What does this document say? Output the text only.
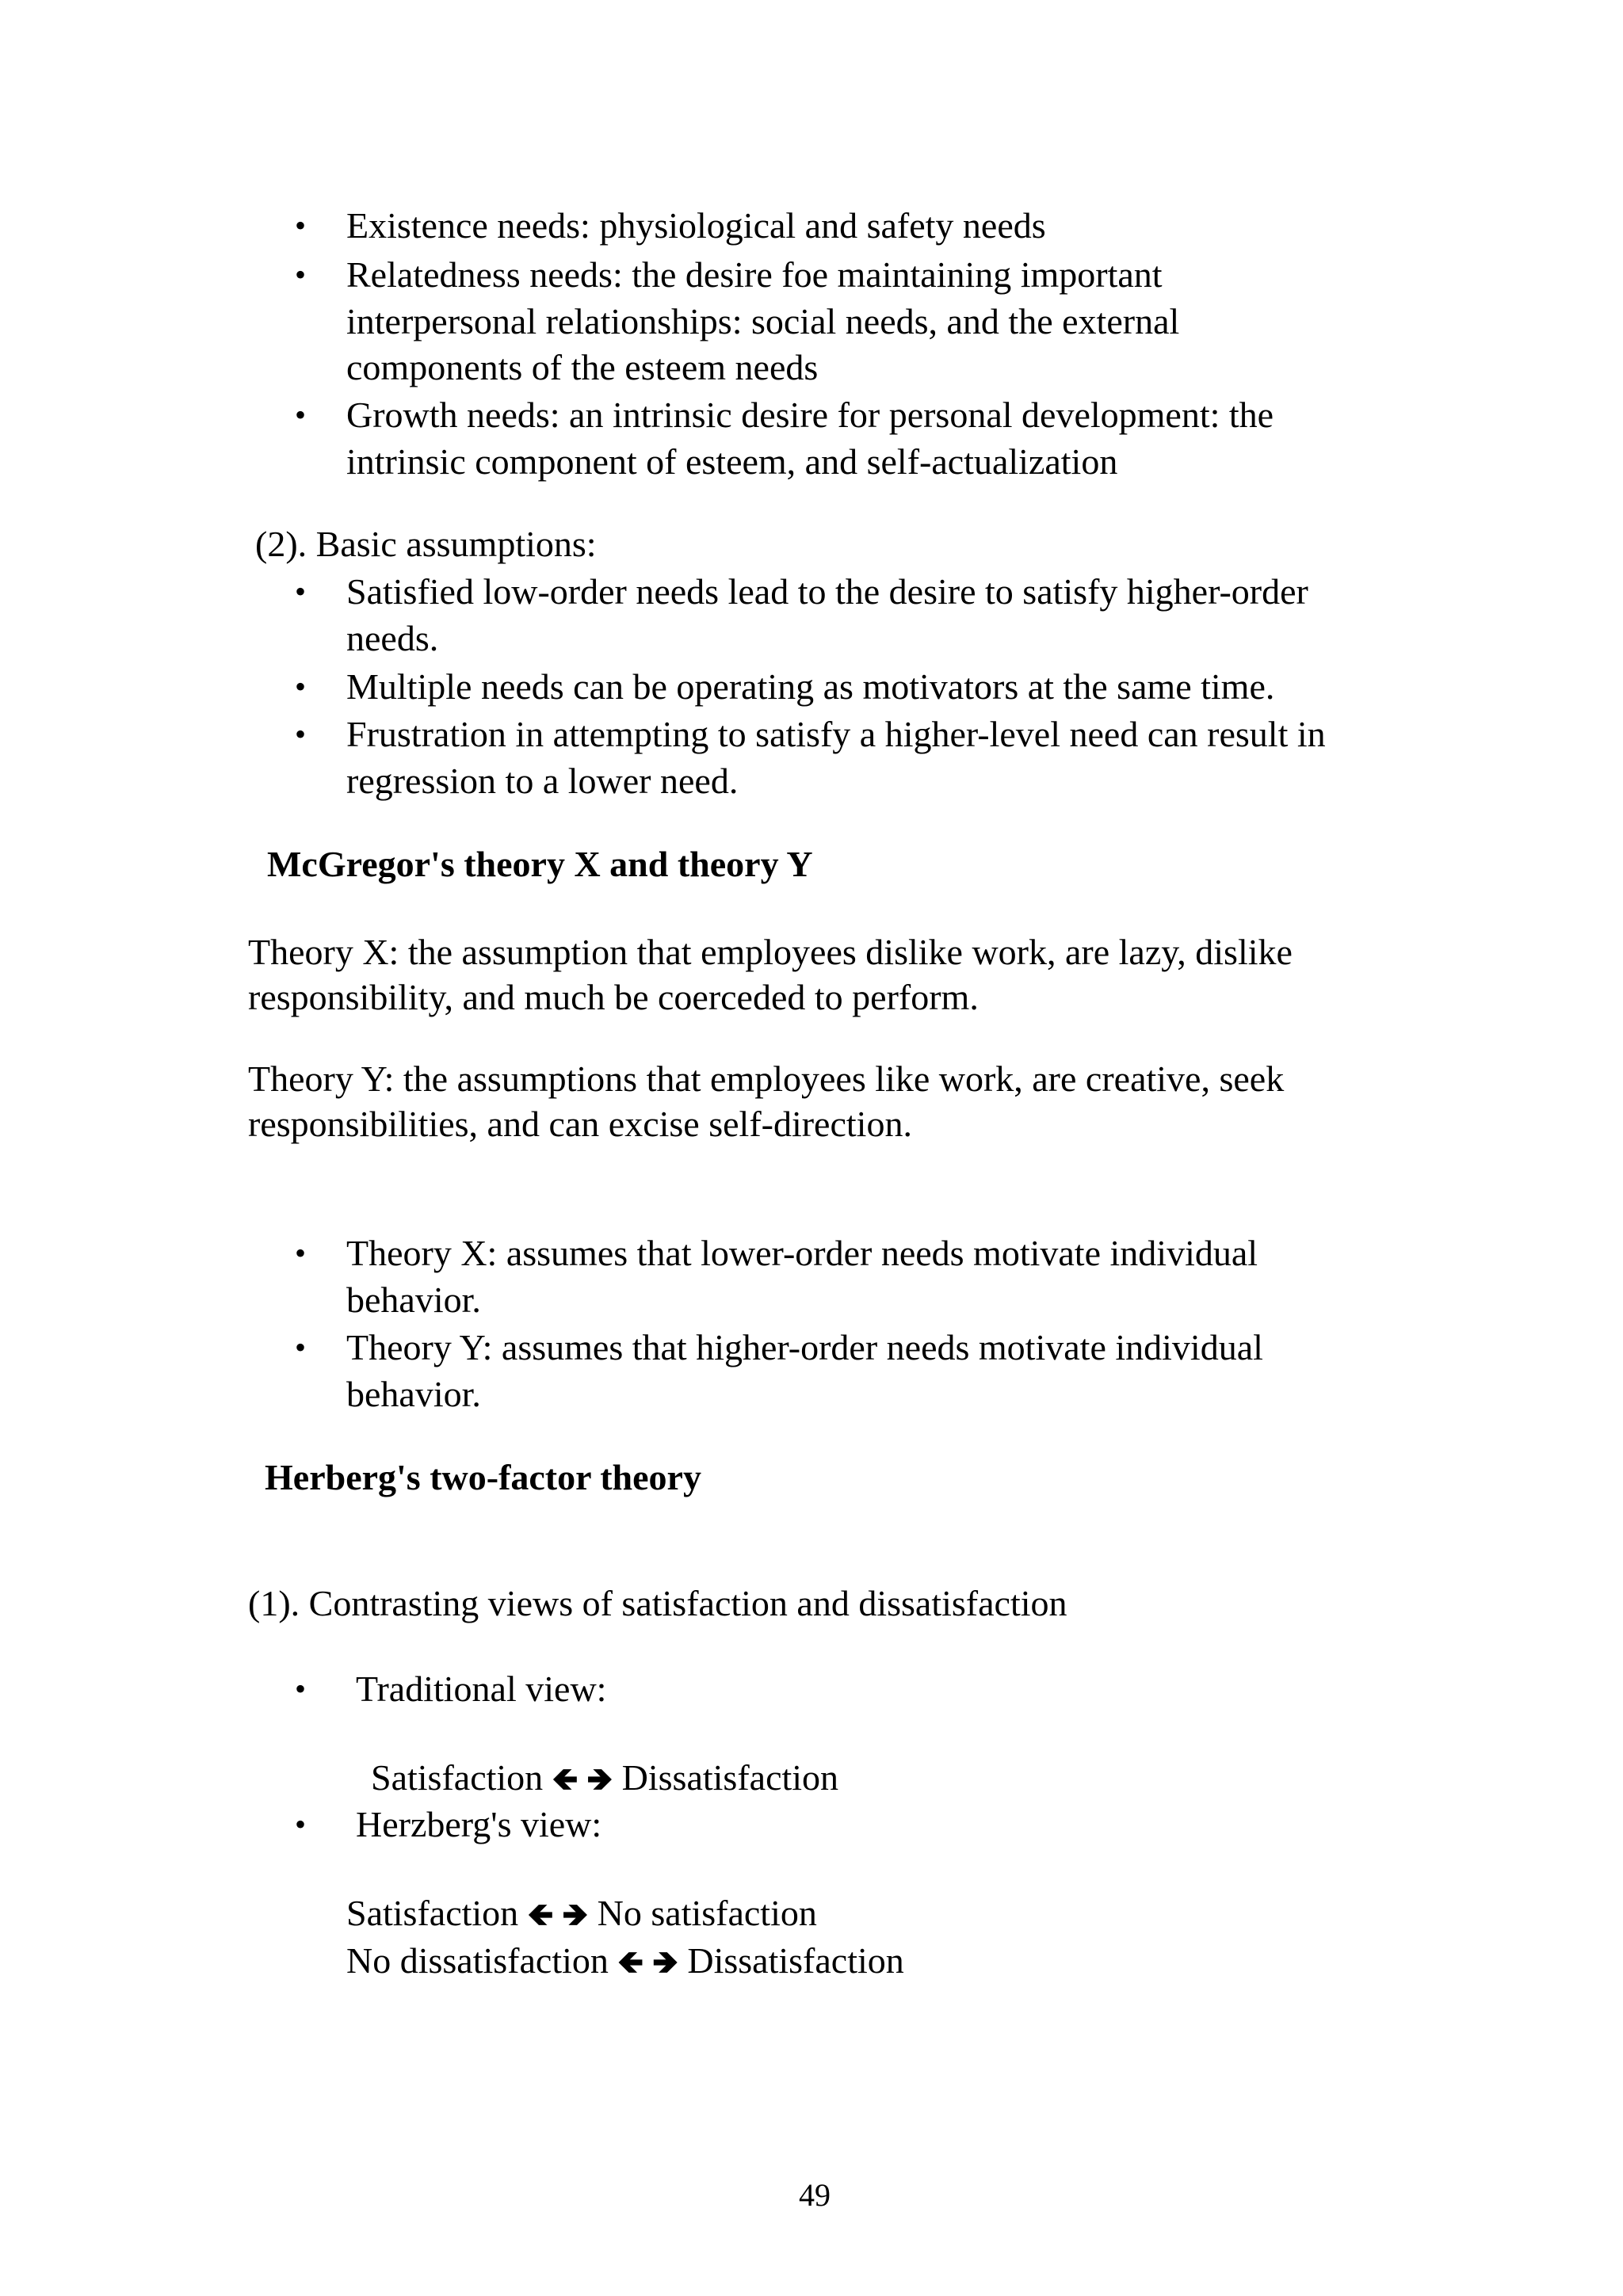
• Existence needs: physiological and safety needs

• Relatedness needs: the desire foe maintaining important

interpersonal relationships: social needs, and the external

components of the esteem needs

• Growth needs: an intrinsic desire for personal development: the

intrinsic component of esteem, and self-actualization

(2). Basic assumptions:

• Satisfied low-order needs lead to the desire to satisfy higher-order

needs.

• Multiple needs can be operating as motivators at the same time.

• Frustration in attempting to satisfy a higher-level need can result in

regression to a lower need.

McGregor's theory X and theory Y

Theory X: the assumption that employees dislike work, are lazy, dislike

responsibility, and much be coerceded to perform.

Theory Y: the assumptions that employees like work, are creative, seek

responsibilities, and can excise self-direction.

• Theory X: assumes that lower-order needs motivate individual

behavior.

• Theory Y: assumes that higher-order needs motivate individual

behavior.

Herberg's two-factor theory

(1). Contrasting views of satisfaction and dissatisfaction

• Traditional view:

Satisfaction 🡸 🡺 Dissatisfaction

• Herzberg's view:

Satisfaction 🡸 🡺 No satisfaction

No dissatisfaction 🡸 🡺 Dissatisfaction

49
